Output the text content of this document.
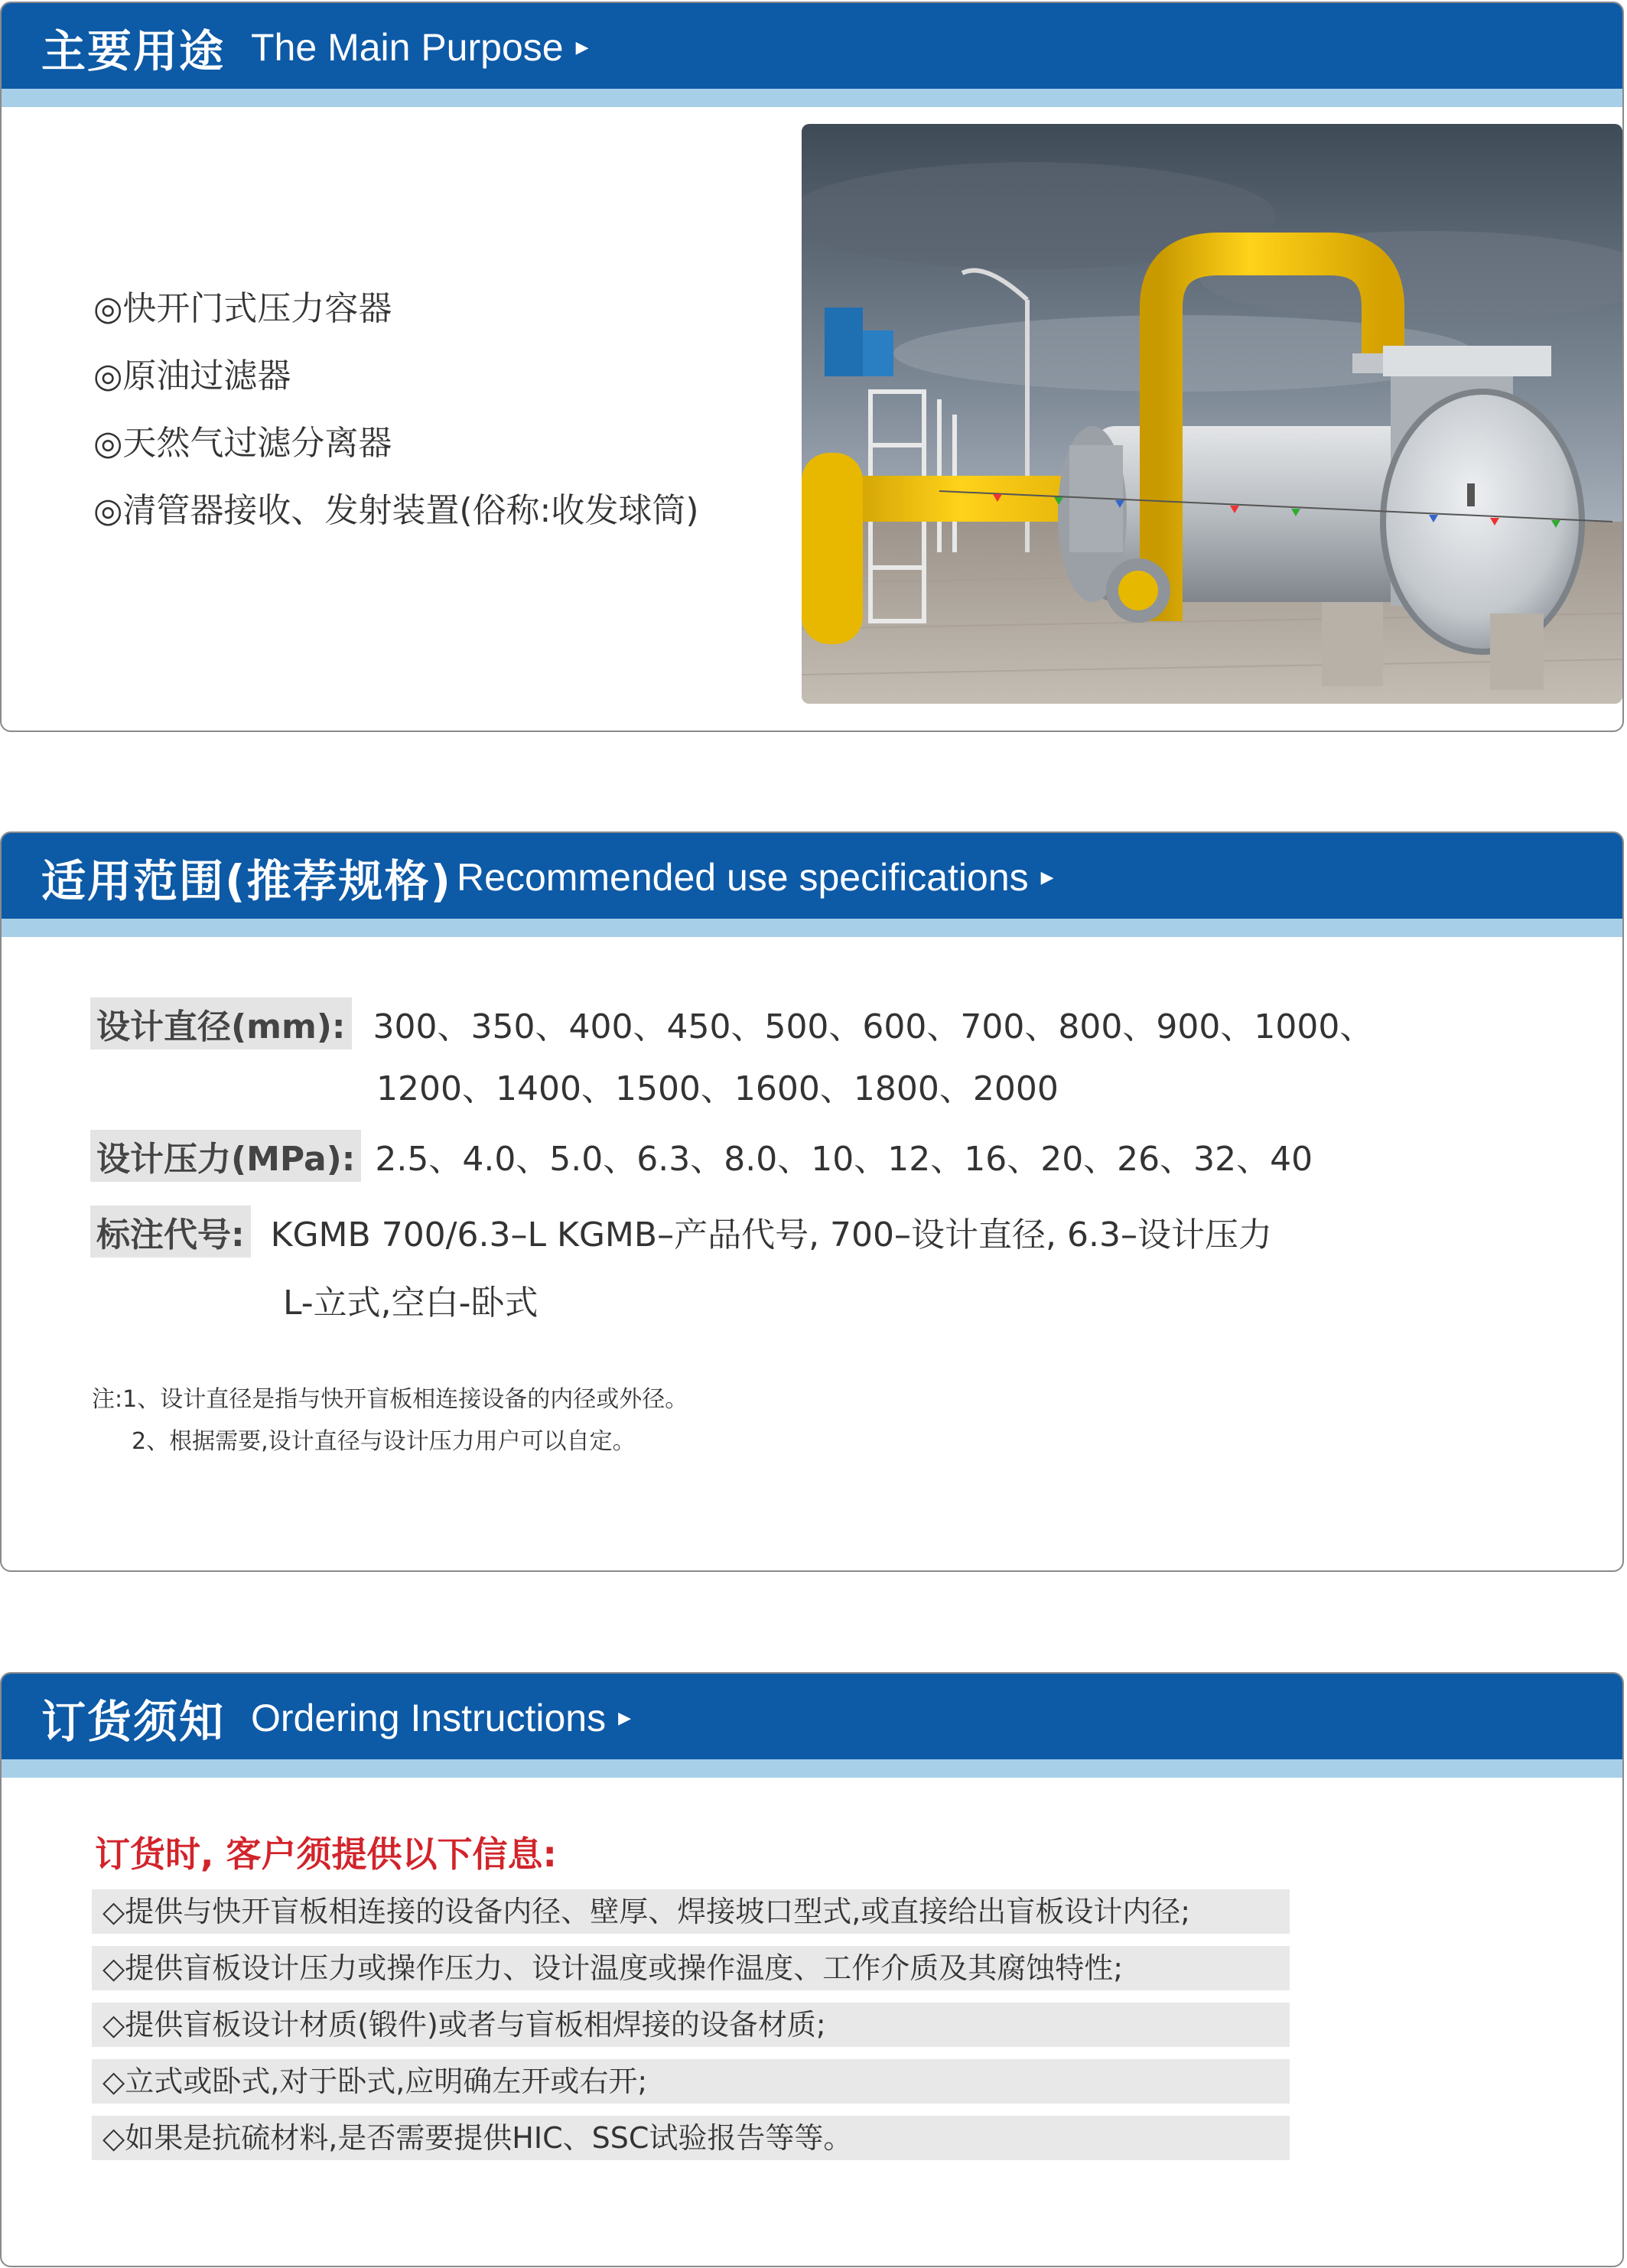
主要用途 The Main Purpose ▶
◎快开门式压力容器
◎原油过滤器
◎天然气过滤分离器
◎清管器接收、发射装置(俗称:收发球筒)
适用范围(推荐规格) Recommended use specifications ▶
设计直径(mm): 300、350、400、450、500、600、700、800、900、1000、
1200、1400、1500、1600、1800、2000
设计压力(MPa): 2.5、4.0、5.0、6.3、8.0、10、12、16、20、26、32、40
标注代号: KGMB 700/6.3–L KGMB–产品代号, 700–设计直径, 6.3–设计压力
L-立式,空白-卧式
注:1、设计直径是指与快开盲板相连接设备的内径或外径。
2、根据需要,设计直径与设计压力用户可以自定。
订货须知 Ordering Instructions ▶
订货时, 客户须提供以下信息:
◇提供与快开盲板相连接的设备内径、壁厚、焊接坡口型式,或直接给出盲板设计内径;
◇提供盲板设计压力或操作压力、设计温度或操作温度、工作介质及其腐蚀特性;
◇提供盲板设计材质(锻件)或者与盲板相焊接的设备材质;
◇立式或卧式,对于卧式,应明确左开或右开;
◇如果是抗硫材料,是否需要提供HIC、SSC试验报告等等。
